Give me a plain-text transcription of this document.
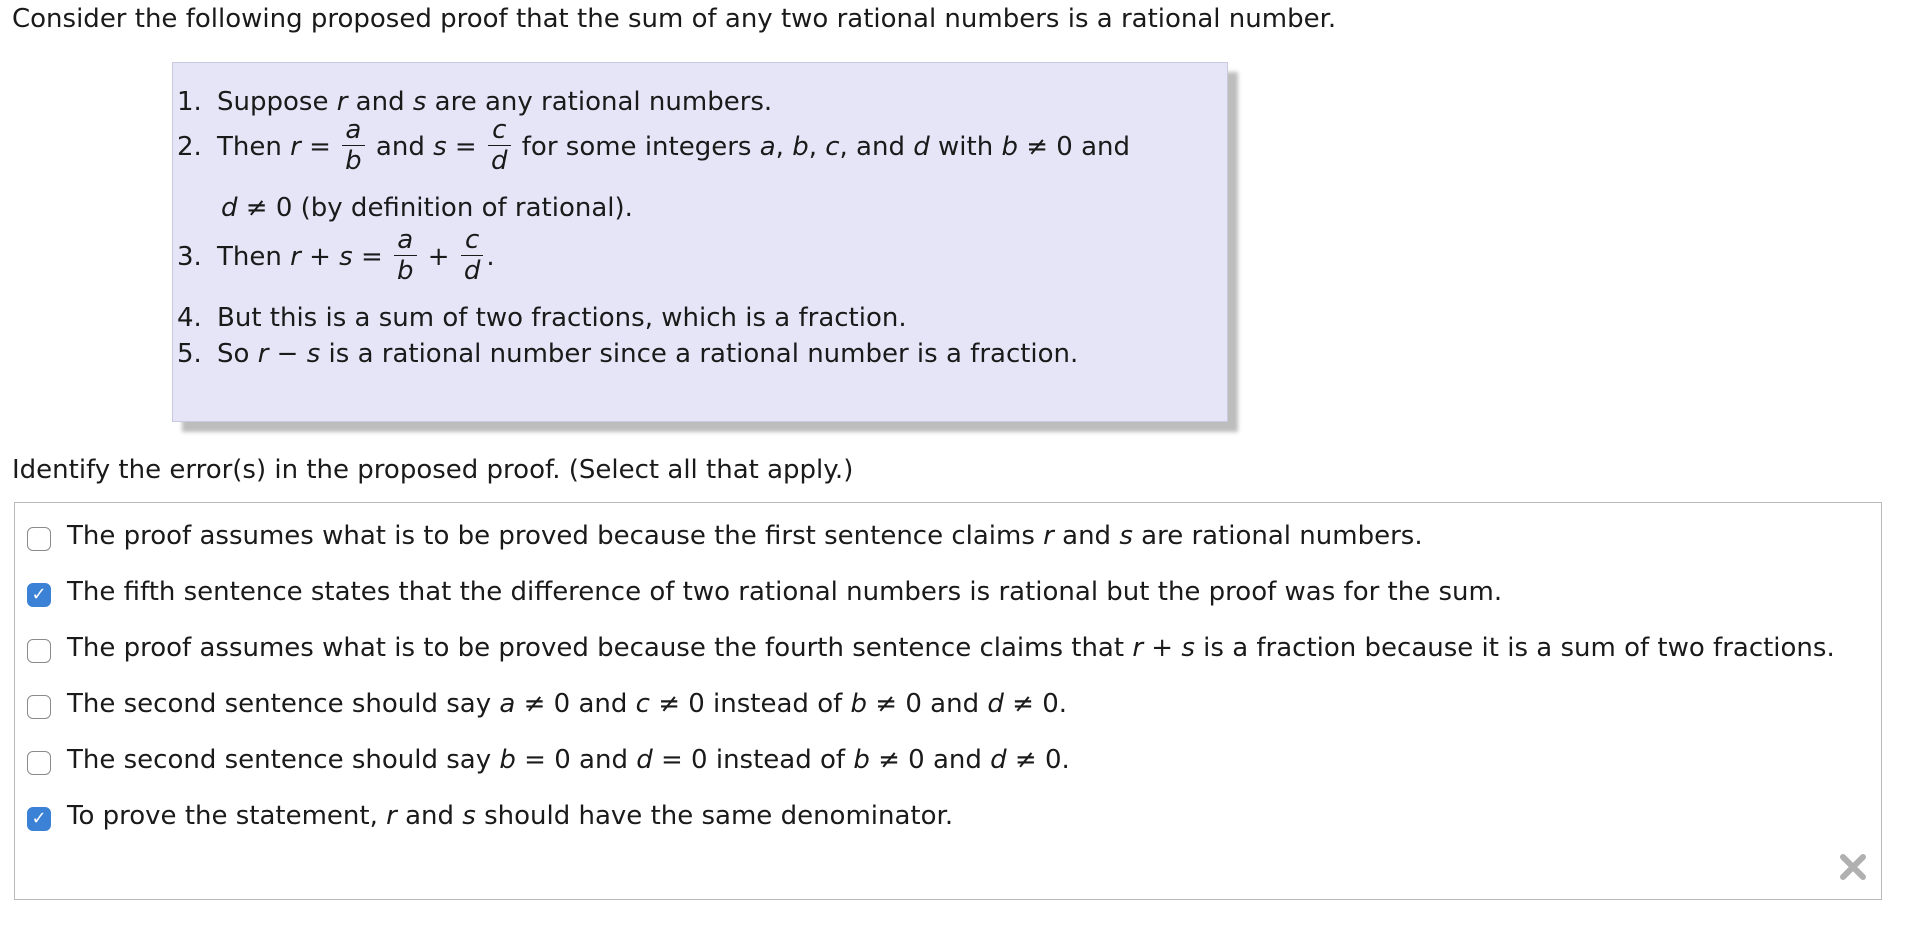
Consider the following proposed proof that the sum of any two rational numbers is a rational number.
1. Suppose r and s are any rational numbers.
2. Then $r = \frac{a}{b}$ and $s = \frac{c}{d}$ for some integers a, b, c, and d with b ≠ 0 and
d ≠ 0 (by definition of rational).
3. Then $r + s = \frac{a}{b} + \frac{c}{d}$ .
4. But this is a sum of two fractions, which is a fraction.
5. So r − s is a rational number since a rational number is a fraction.
Identify the error(s) in the proposed proof. (Select all that apply.)
The proof assumes what is to be proved because the first sentence claims
r and s are rational numbers.
✓ The fifth sentence states that the difference of two rational numbers is rational but the proof was for the sum.
The proof assumes what is to be proved because the fourth sentence claims that
r + s is a fraction because it is a sum of two fractions.
The second sentence should say
a ≠ 0 and c ≠ 0 instead of b ≠ 0 and d ≠ 0.
The second sentence should say
b = 0 and d = 0 instead of b ≠ 0 and d ≠ 0.
✓ To prove the statement,
r and s should have the same denominator.
